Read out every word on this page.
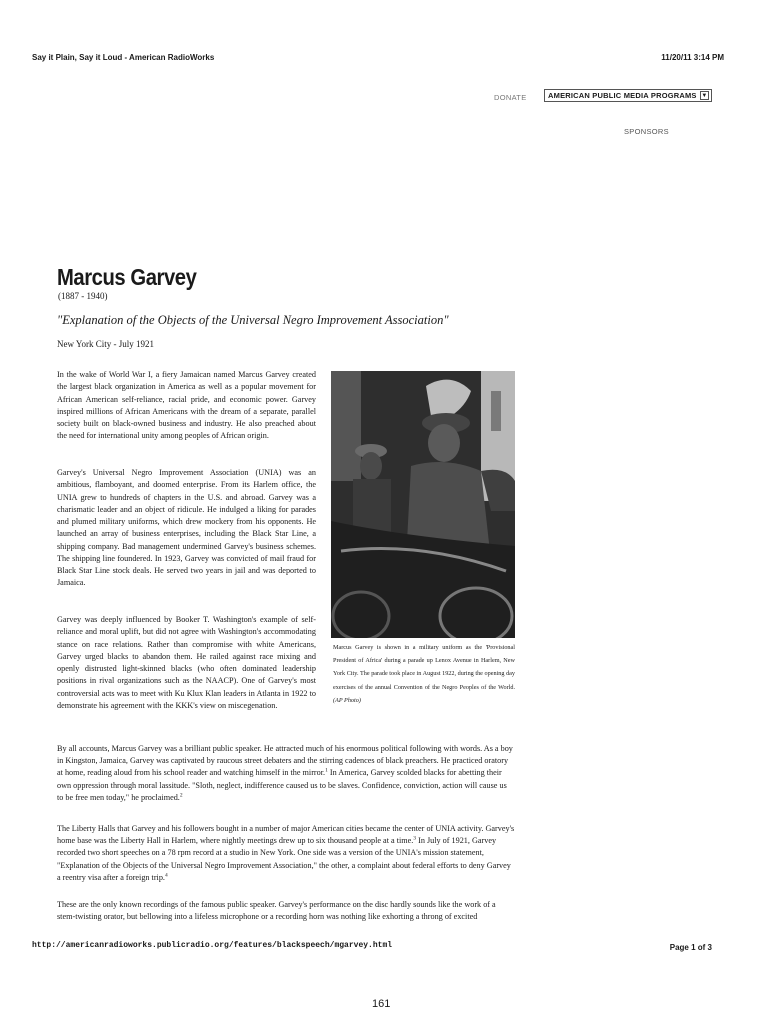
Say it Plain, Say it Loud - American RadioWorks	11/20/11 3:14 PM
DONATE	AMERICAN PUBLIC MEDIA PROGRAMS ▼
SPONSORS
Marcus Garvey
(1887 - 1940)
"Explanation of the Objects of the Universal Negro Improvement Association"
New York City - July 1921

In the wake of World War I, a fiery Jamaican named Marcus Garvey created the largest black organization in America as well as a popular movement for African American self-reliance, racial pride, and economic power. Garvey inspired millions of African Americans with the dream of a separate, parallel society built on black-owned business and industry. He also preached about the need for international unity among peoples of African origin.

Garvey's Universal Negro Improvement Association (UNIA) was an ambitious, flamboyant, and doomed enterprise. From its Harlem office, the UNIA grew to hundreds of chapters in the U.S. and abroad. Garvey was a charismatic leader and an object of ridicule. He indulged a liking for parades and plumed military uniforms, which drew mockery from his opponents. He launched an array of business enterprises, including the Black Star Line, a shipping company. Bad management undermined Garvey's business schemes. The shipping line foundered. In 1923, Garvey was convicted of mail fraud for Black Star Line stock deals. He served two years in jail and was deported to Jamaica.

Garvey was deeply influenced by Booker T. Washington's example of self-reliance and moral uplift, but did not agree with Washington's accommodating stance on race relations. Rather than compromise with white Americans, Garvey urged blacks to abandon them. He railed against race mixing and openly distrusted light-skinned blacks (who often dominated leadership positions in rival organizations such as the NAACP). One of Garvey's most controversial acts was to meet with Ku Klux Klan leaders in Atlanta in 1922 to demonstrate his agreement with the KKK's view on miscegenation.

Marcus Garvey is shown in a military uniform as the 'Provisional President of Africa' during a parade up Lenox Avenue in Harlem, New York City. The parade took place in August 1922, during the opening day exercises of the annual Convention of the Negro Peoples of the World. (AP Photo)

By all accounts, Marcus Garvey was a brilliant public speaker. He attracted much of his enormous political following with words. As a boy in Kingston, Jamaica, Garvey was captivated by raucous street debaters and the stirring cadences of black preachers. He practiced oratory at home, reading aloud from his school reader and watching himself in the mirror.$^1$ In America, Garvey scolded blacks for abetting their own oppression through moral lassitude. "Sloth, neglect, indifference caused us to be slaves. Confidence, conviction, action will cause us to be free men today," he proclaimed.$^2$

The Liberty Halls that Garvey and his followers bought in a number of major American cities became the center of UNIA activity. Garvey's home base was the Liberty Hall in Harlem, where nightly meetings drew up to six thousand people at a time.$^3$ In July of 1921, Garvey recorded two short speeches on a 78 rpm record at a studio in New York. One side was a version of the UNIA's mission statement, "Explanation of the Objects of the Universal Negro Improvement Association," the other, a complaint about federal efforts to deny Garvey a reentry visa after a foreign trip.$^4$

These are the only known recordings of the famous public speaker. Garvey's performance on the disc hardly sounds like the work of a stem-twisting orator, but bellowing into a lifeless microphone or a recording horn was nothing like exhorting a throng of excited

http://americanradioworks.publicradio.org/features/blackspeech/mgarvey.html	Page 1 of 3
161
